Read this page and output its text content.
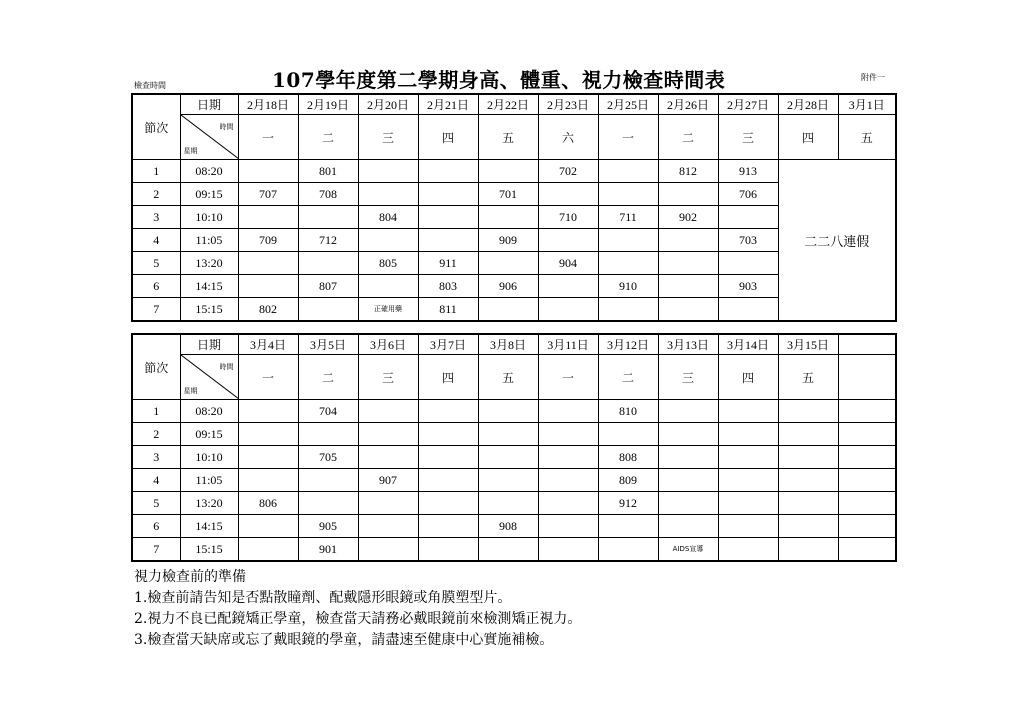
檢查時間
附件一
107學年度第二學期身高、體重、視力檢查時間表
節次	日期	2月18日	2月19日	2月20日	2月21日	2月22日	2月23日	2月25日	2月26日	2月27日	2月28日	3月1日

	時間
星期	一	二	三	四	五	六	一	二	三	四	五
1	08:20		801				702		812	913	二二八連假	
2	09:15	707	708			701				706		
3	10:10			804			710	711	902			
4	11:05	709	712			909				703		
5	13:20			805	911		904					
6	14:15		807		803	906		910		903		
7	15:15	802		正確用藥	811							
節次	日期	3月4日	3月5日	3月6日	3月7日	3月8日	3月11日	3月12日	3月13日	3月14日	3月15日	

	時間
星期	一	二	三	四	五	一	二	三	四	五	
1	08:20		704					810				
2	09:15											
3	10:10		705					808				
4	11:05			907				809				
5	13:20	806						912				
6	14:15		905			908						
7	15:15		901						AIDS宣導			
視力檢查前的準備
1.檢查前請告知是否點散瞳劑、配戴隱形眼鏡或角膜塑型片。
2.視力不良已配鏡矯正學童，檢查當天請務必戴眼鏡前來檢測矯正視力。
3.檢查當天缺席或忘了戴眼鏡的學童，請盡速至健康中心實施補檢。
